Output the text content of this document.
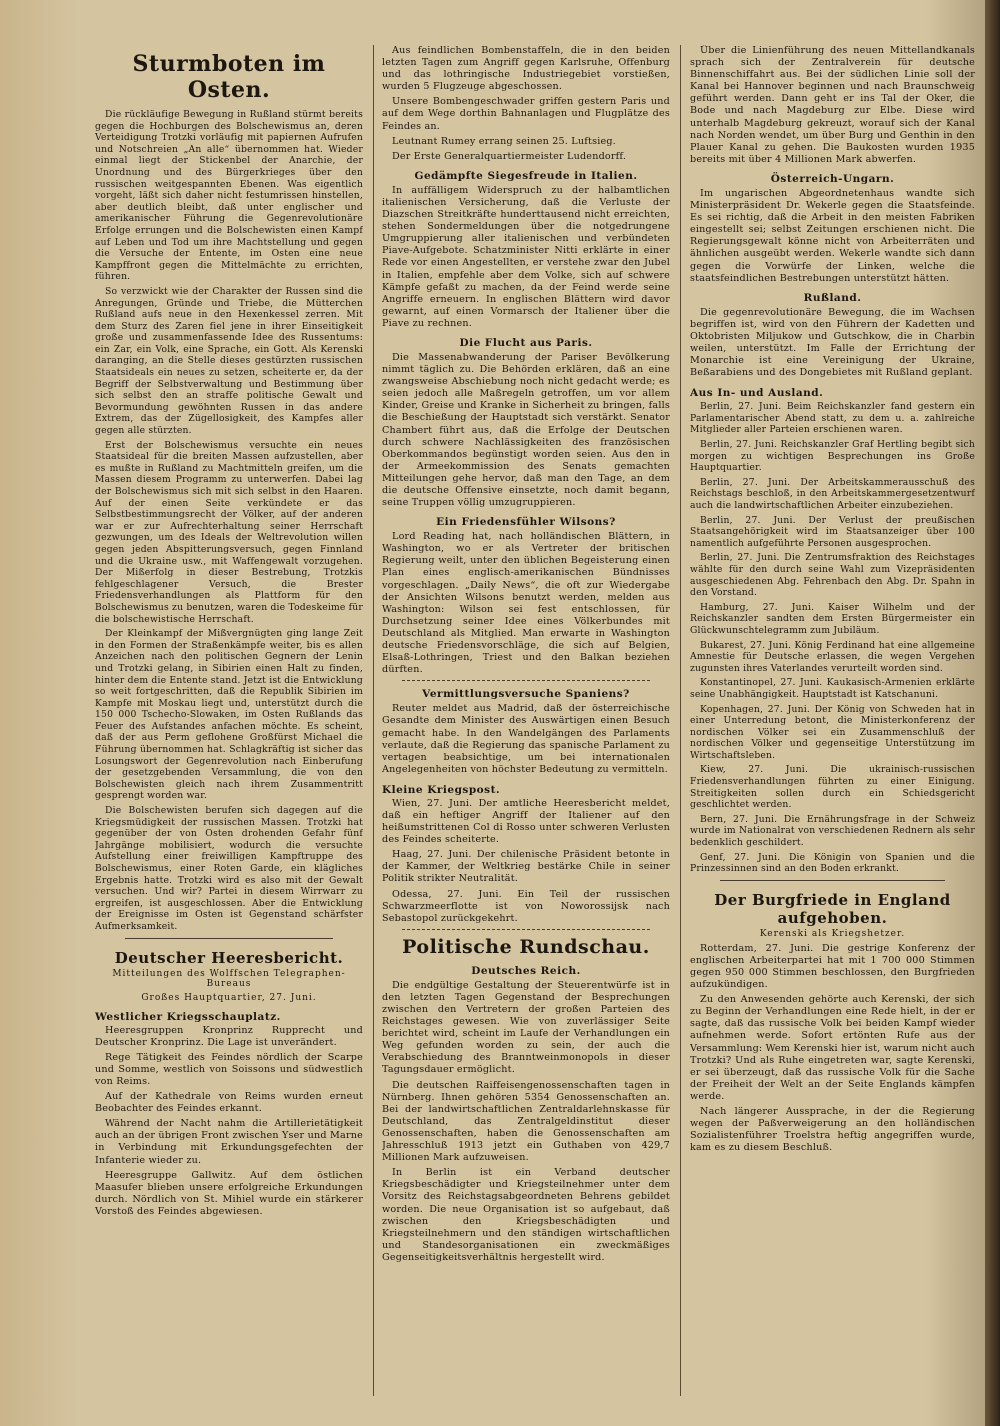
Sturmboten im Osten.

Die rückläufige Bewegung in Rußland stürmt bereits gegen die Hochburgen des Bolschewismus an, deren Verteidigung Trotzki vorläufig mit papiernen Aufrufen und Notschreien „An alle“ übernommen hat. Wieder einmal liegt der Stickenbel der Anarchie, der Unordnung und des Bürgerkrieges über den russischen weitgespannten Ebenen. Was eigentlich vorgeht, läßt sich daher nicht festumrissen hinstellen, aber deutlich bleibt, daß unter englischer und amerikanischer Führung die Gegenrevolutionäre Erfolge errungen und die Bolschewisten einen Kampf auf Leben und Tod um ihre Machtstellung und gegen die Versuche der Entente, im Osten eine neue Kampffront gegen die Mittelmächte zu errichten, führen.

So verzwickt wie der Charakter der Russen sind die Anregungen, Gründe und Triebe, die Mütterchen Rußland aufs neue in den Hexenkessel zerren. Mit dem Sturz des Zaren fiel jene in ihrer Einseitigkeit große und zusammenfassende Idee des Russentums: ein Zar, ein Volk, eine Sprache, ein Gott. Als Kerenski daranging, an die Stelle dieses gestürzten russischen Staatsideals ein neues zu setzen, scheiterte er, da der Begriff der Selbstverwaltung und Bestimmung über sich selbst den an straffe politische Gewalt und Bevormundung gewöhnten Russen in das andere Extrem, das der Zügellosigkeit, des Kampfes aller gegen alle stürzten.

Erst der Bolschewismus versuchte ein neues Staatsideal für die breiten Massen aufzustellen, aber es mußte in Rußland zu Machtmitteln greifen, um die Massen diesem Programm zu unterwerfen. Dabei lag der Bolschewismus sich mit sich selbst in den Haaren. Auf der einen Seite verkündete er das Selbstbestimmungsrecht der Völker, auf der anderen war er zur Aufrechterhaltung seiner Herrschaft gezwungen, um des Ideals der Weltrevolution willen gegen jeden Abspitterungsversuch, gegen Finnland und die Ukraine usw., mit Waffengewalt vorzugehen. Der Mißerfolg in dieser Bestrebung, Trotzkis fehlgeschlagener Versuch, die Brester Friedensverhandlungen als Plattform für den Bolschewismus zu benutzen, waren die Todeskeime für die bolschewistische Herrschaft.

Der Kleinkampf der Mißvergnügten ging lange Zeit in den Formen der Straßenkämpfe weiter, bis es allen Anzeichen nach den politischen Gegnern der Lenin und Trotzki gelang, in Sibirien einen Halt zu finden, hinter dem die Entente stand. Jetzt ist die Entwicklung so weit fortgeschritten, daß die Republik Sibirien im Kampfe mit Moskau liegt und, unterstützt durch die 150 000 Tschecho-Slowaken, im Osten Rußlands das Feuer des Aufstandes anfachen möchte. Es scheint, daß der aus Perm geflohene Großfürst Michael die Führung übernommen hat. Schlagkräftig ist sicher das Losungswort der Gegenrevolution nach Einberufung der gesetzgebenden Versammlung, die von den Bolschewisten gleich nach ihrem Zusammentritt gesprengt worden war.

Die Bolschewisten berufen sich dagegen auf die Kriegsmüdigkeit der russischen Massen. Trotzki hat gegenüber der von Osten drohenden Gefahr fünf Jahrgänge mobilisiert, wodurch die versuchte Aufstellung einer freiwilligen Kampftruppe des Bolschewismus, einer Roten Garde, ein klägliches Ergebnis hatte. Trotzki wird es also mit der Gewalt versuchen. Und wir? Partei in diesem Wirrwarr zu ergreifen, ist ausgeschlossen. Aber die Entwicklung der Ereignisse im Osten ist Gegenstand schärfster Aufmerksamkeit.

Deutscher Heeresbericht.
Mitteilungen des Wolffschen Telegraphen-Bureaus
Großes Hauptquartier, 27. Juni.
Westlicher Kriegsschauplatz.

Heeresgruppen Kronprinz Rupprecht und Deutscher Kronprinz. Die Lage ist unverändert.

Rege Tätigkeit des Feindes nördlich der Scarpe und Somme, westlich von Soissons und südwestlich von Reims.

Auf der Kathedrale von Reims wurden erneut Beobachter des Feindes erkannt.

Während der Nacht nahm die Artillerietätigkeit auch an der übrigen Front zwischen Yser und Marne in Verbindung mit Erkundungsgefechten der Infanterie wieder zu.

Heeresgruppe Gallwitz. Auf dem östlichen Maasufer blieben unsere erfolgreiche Erkundungen durch. Nördlich von St. Mihiel wurde ein stärkerer Vorstoß des Feindes abgewiesen.

Aus feindlichen Bombenstaffeln, die in den beiden letzten Tagen zum Angriff gegen Karlsruhe, Offenburg und das lothringische Industriegebiet vorstießen, wurden 5 Flugzeuge abgeschossen.

Unsere Bombengeschwader griffen gestern Paris und auf dem Wege dorthin Bahnanlagen und Flugplätze des Feindes an.

Leutnant Rumey errang seinen 25. Luftsieg.

Der Erste Generalquartiermeister Ludendorff.

Gedämpfte Siegesfreude in Italien.

In auffälligem Widerspruch zu der halbamtlichen italienischen Versicherung, daß die Verluste der Diazschen Streitkräfte hunderttausend nicht erreichten, stehen Sondermeldungen über die notgedrungene Umgruppierung aller italienischen und verbündeten Piave-Aufgebote. Schatzminister Nitti erklärte in einer Rede vor einen Angestellten, er verstehe zwar den Jubel in Italien, empfehle aber dem Volke, sich auf schwere Kämpfe gefaßt zu machen, da der Feind werde seine Angriffe erneuern. In englischen Blättern wird davor gewarnt, auf einen Vormarsch der Italiener über die Piave zu rechnen.

Die Flucht aus Paris.

Die Massenabwanderung der Pariser Bevölkerung nimmt täglich zu. Die Behörden erklären, daß an eine zwangsweise Abschiebung noch nicht gedacht werde; es seien jedoch alle Maßregeln getroffen, um vor allem Kinder, Greise und Kranke in Sicherheit zu bringen, falls die Beschießung der Hauptstadt sich verstärkt. Senator Chambert führt aus, daß die Erfolge der Deutschen durch schwere Nachlässigkeiten des französischen Oberkommandos begünstigt worden seien. Aus den in der Armeekommission des Senats gemachten Mitteilungen gehe hervor, daß man den Tage, an dem die deutsche Offensive einsetzte, noch damit begann, seine Truppen völlig umzugruppieren.

Ein Friedensfühler Wilsons?

Lord Reading hat, nach holländischen Blättern, in Washington, wo er als Vertreter der britischen Regierung weilt, unter den üblichen Begeisterung einen Plan eines englisch-amerikanischen Bündnisses vorgeschlagen. „Daily News“, die oft zur Wiedergabe der Ansichten Wilsons benutzt werden, melden aus Washington: Wilson sei fest entschlossen, für Durchsetzung seiner Idee eines Völkerbundes mit Deutschland als Mitglied. Man erwarte in Washington deutsche Friedensvorschläge, die sich auf Belgien, Elsaß-Lothringen, Triest und den Balkan beziehen dürften.

Vermittlungsversuche Spaniens?

Reuter meldet aus Madrid, daß der österreichische Gesandte dem Minister des Auswärtigen einen Besuch gemacht habe. In den Wandelgängen des Parlaments verlaute, daß die Regierung das spanische Parlament zu vertagen beabsichtige, um bei internationalen Angelegenheiten von höchster Bedeutung zu vermitteln.

Kleine Kriegspost.

Wien, 27. Juni. Der amtliche Heeresbericht meldet, daß ein heftiger Angriff der Italiener auf den heißumstrittenen Col di Rosso unter schweren Verlusten des Feindes scheiterte.

Haag, 27. Juni. Der chilenische Präsident betonte in der Kammer, der Weltkrieg bestärke Chile in seiner Politik strikter Neutralität.

Odessa, 27. Juni. Ein Teil der russischen Schwarzmeerflotte ist von Noworossijsk nach Sebastopol zurückgekehrt.

Politische Rundschau.
Deutsches Reich.

Die endgültige Gestaltung der Steuerentwürfe ist in den letzten Tagen Gegenstand der Besprechungen zwischen den Vertretern der großen Parteien des Reichstages gewesen. Wie von zuverlässiger Seite berichtet wird, scheint im Laufe der Verhandlungen ein Weg gefunden worden zu sein, der auch die Verabschiedung des Branntweinmonopols in dieser Tagungsdauer ermöglicht.

Die deutschen Raiffeisengenossenschaften tagen in Nürnberg. Ihnen gehören 5354 Genossenschaften an. Bei der landwirtschaftlichen Zentraldarlehnskasse für Deutschland, das Zentralgeldinstitut dieser Genossenschaften, haben die Genossenschaften am Jahresschluß 1913 jetzt ein Guthaben von 429,7 Millionen Mark aufzuweisen.

In Berlin ist ein Verband deutscher Kriegsbeschädigter und Kriegsteilnehmer unter dem Vorsitz des Reichstagsabgeordneten Behrens gebildet worden. Die neue Organisation ist so aufgebaut, daß zwischen den Kriegsbeschädigten und Kriegsteilnehmern und den ständigen wirtschaftlichen und Standesorganisationen ein zweckmäßiges Gegenseitigkeitsverhältnis hergestellt wird.

Über die Linienführung des neuen Mittellandkanals sprach sich der Zentralverein für deutsche Binnenschiffahrt aus. Bei der südlichen Linie soll der Kanal bei Hannover beginnen und nach Braunschweig geführt werden. Dann geht er ins Tal der Oker, die Bode und nach Magdeburg zur Elbe. Diese wird unterhalb Magdeburg gekreuzt, worauf sich der Kanal nach Norden wendet, um über Burg und Genthin in den Plauer Kanal zu gehen. Die Baukosten wurden 1935 bereits mit über 4 Millionen Mark abwerfen.

Österreich-Ungarn.

Im ungarischen Abgeordnetenhaus wandte sich Ministerpräsident Dr. Wekerle gegen die Staatsfeinde. Es sei richtig, daß die Arbeit in den meisten Fabriken eingestellt sei; selbst Zeitungen erschienen nicht. Die Regierungsgewalt könne nicht von Arbeiterräten und ähnlichen ausgeübt werden. Wekerle wandte sich dann gegen die Vorwürfe der Linken, welche die staatsfeindlichen Bestrebungen unterstützt hätten.

Rußland.

Die gegenrevolutionäre Bewegung, die im Wachsen begriffen ist, wird von den Führern der Kadetten und Oktobristen Miljukow und Gutschkow, die in Charbin weilen, unterstützt. Im Falle der Errichtung der Monarchie ist eine Vereinigung der Ukraine, Beßarabiens und des Dongebietes mit Rußland geplant.

Aus In- und Ausland.

Berlin, 27. Juni. Beim Reichskanzler fand gestern ein Parlamentarischer Abend statt, zu dem u. a. zahlreiche Mitglieder aller Parteien erschienen waren.

Berlin, 27. Juni. Reichskanzler Graf Hertling begibt sich morgen zu wichtigen Besprechungen ins Große Hauptquartier.

Berlin, 27. Juni. Der Arbeitskammerausschuß des Reichstags beschloß, in den Arbeitskammergesetzentwurf auch die landwirtschaftlichen Arbeiter einzubeziehen.

Berlin, 27. Juni. Der Verlust der preußischen Staatsangehörigkeit wird im Staatsanzeiger über 100 namentlich aufgeführte Personen ausgesprochen.

Berlin, 27. Juni. Die Zentrumsfraktion des Reichstages wählte für den durch seine Wahl zum Vizepräsidenten ausgeschiedenen Abg. Fehrenbach den Abg. Dr. Spahn in den Vorstand.

Hamburg, 27. Juni. Kaiser Wilhelm und der Reichskanzler sandten dem Ersten Bürgermeister ein Glückwunschtelegramm zum Jubiläum.

Bukarest, 27. Juni. König Ferdinand hat eine allgemeine Amnestie für Deutsche erlassen, die wegen Vergehen zugunsten ihres Vaterlandes verurteilt worden sind.

Konstantinopel, 27. Juni. Kaukasisch-Armenien erklärte seine Unabhängigkeit. Hauptstadt ist Katschanuni.

Kopenhagen, 27. Juni. Der König von Schweden hat in einer Unterredung betont, die Ministerkonferenz der nordischen Völker sei ein Zusammenschluß der nordischen Völker und gegenseitige Unterstützung im Wirtschaftsleben.

Kiew, 27. Juni. Die ukrainisch-russischen Friedensverhandlungen führten zu einer Einigung. Streitigkeiten sollen durch ein Schiedsgericht geschlichtet werden.

Bern, 27. Juni. Die Ernährungsfrage in der Schweiz wurde im Nationalrat von verschiedenen Rednern als sehr bedenklich geschildert.

Genf, 27. Juni. Die Königin von Spanien und die Prinzessinnen sind an den Boden erkrankt.

Der Burgfriede in England aufgehoben.
Kerenski als Kriegshetzer.

Rotterdam, 27. Juni. Die gestrige Konferenz der englischen Arbeiterpartei hat mit 1 700 000 Stimmen gegen 950 000 Stimmen beschlossen, den Burgfrieden aufzukündigen.

Zu den Anwesenden gehörte auch Kerenski, der sich zu Beginn der Verhandlungen eine Rede hielt, in der er sagte, daß das russische Volk bei beiden Kampf wieder aufnehmen werde. Sofort ertönten Rufe aus der Versammlung: Wem Kerenski hier ist, warum nicht auch Trotzki? Und als Ruhe eingetreten war, sagte Kerenski, er sei überzeugt, daß das russische Volk für die Sache der Freiheit der Welt an der Seite Englands kämpfen werde.

Nach längerer Aussprache, in der die Regierung wegen der Paßverweigerung an den holländischen Sozialistenführer Troelstra heftig angegriffen wurde, kam es zu diesem Beschluß.
